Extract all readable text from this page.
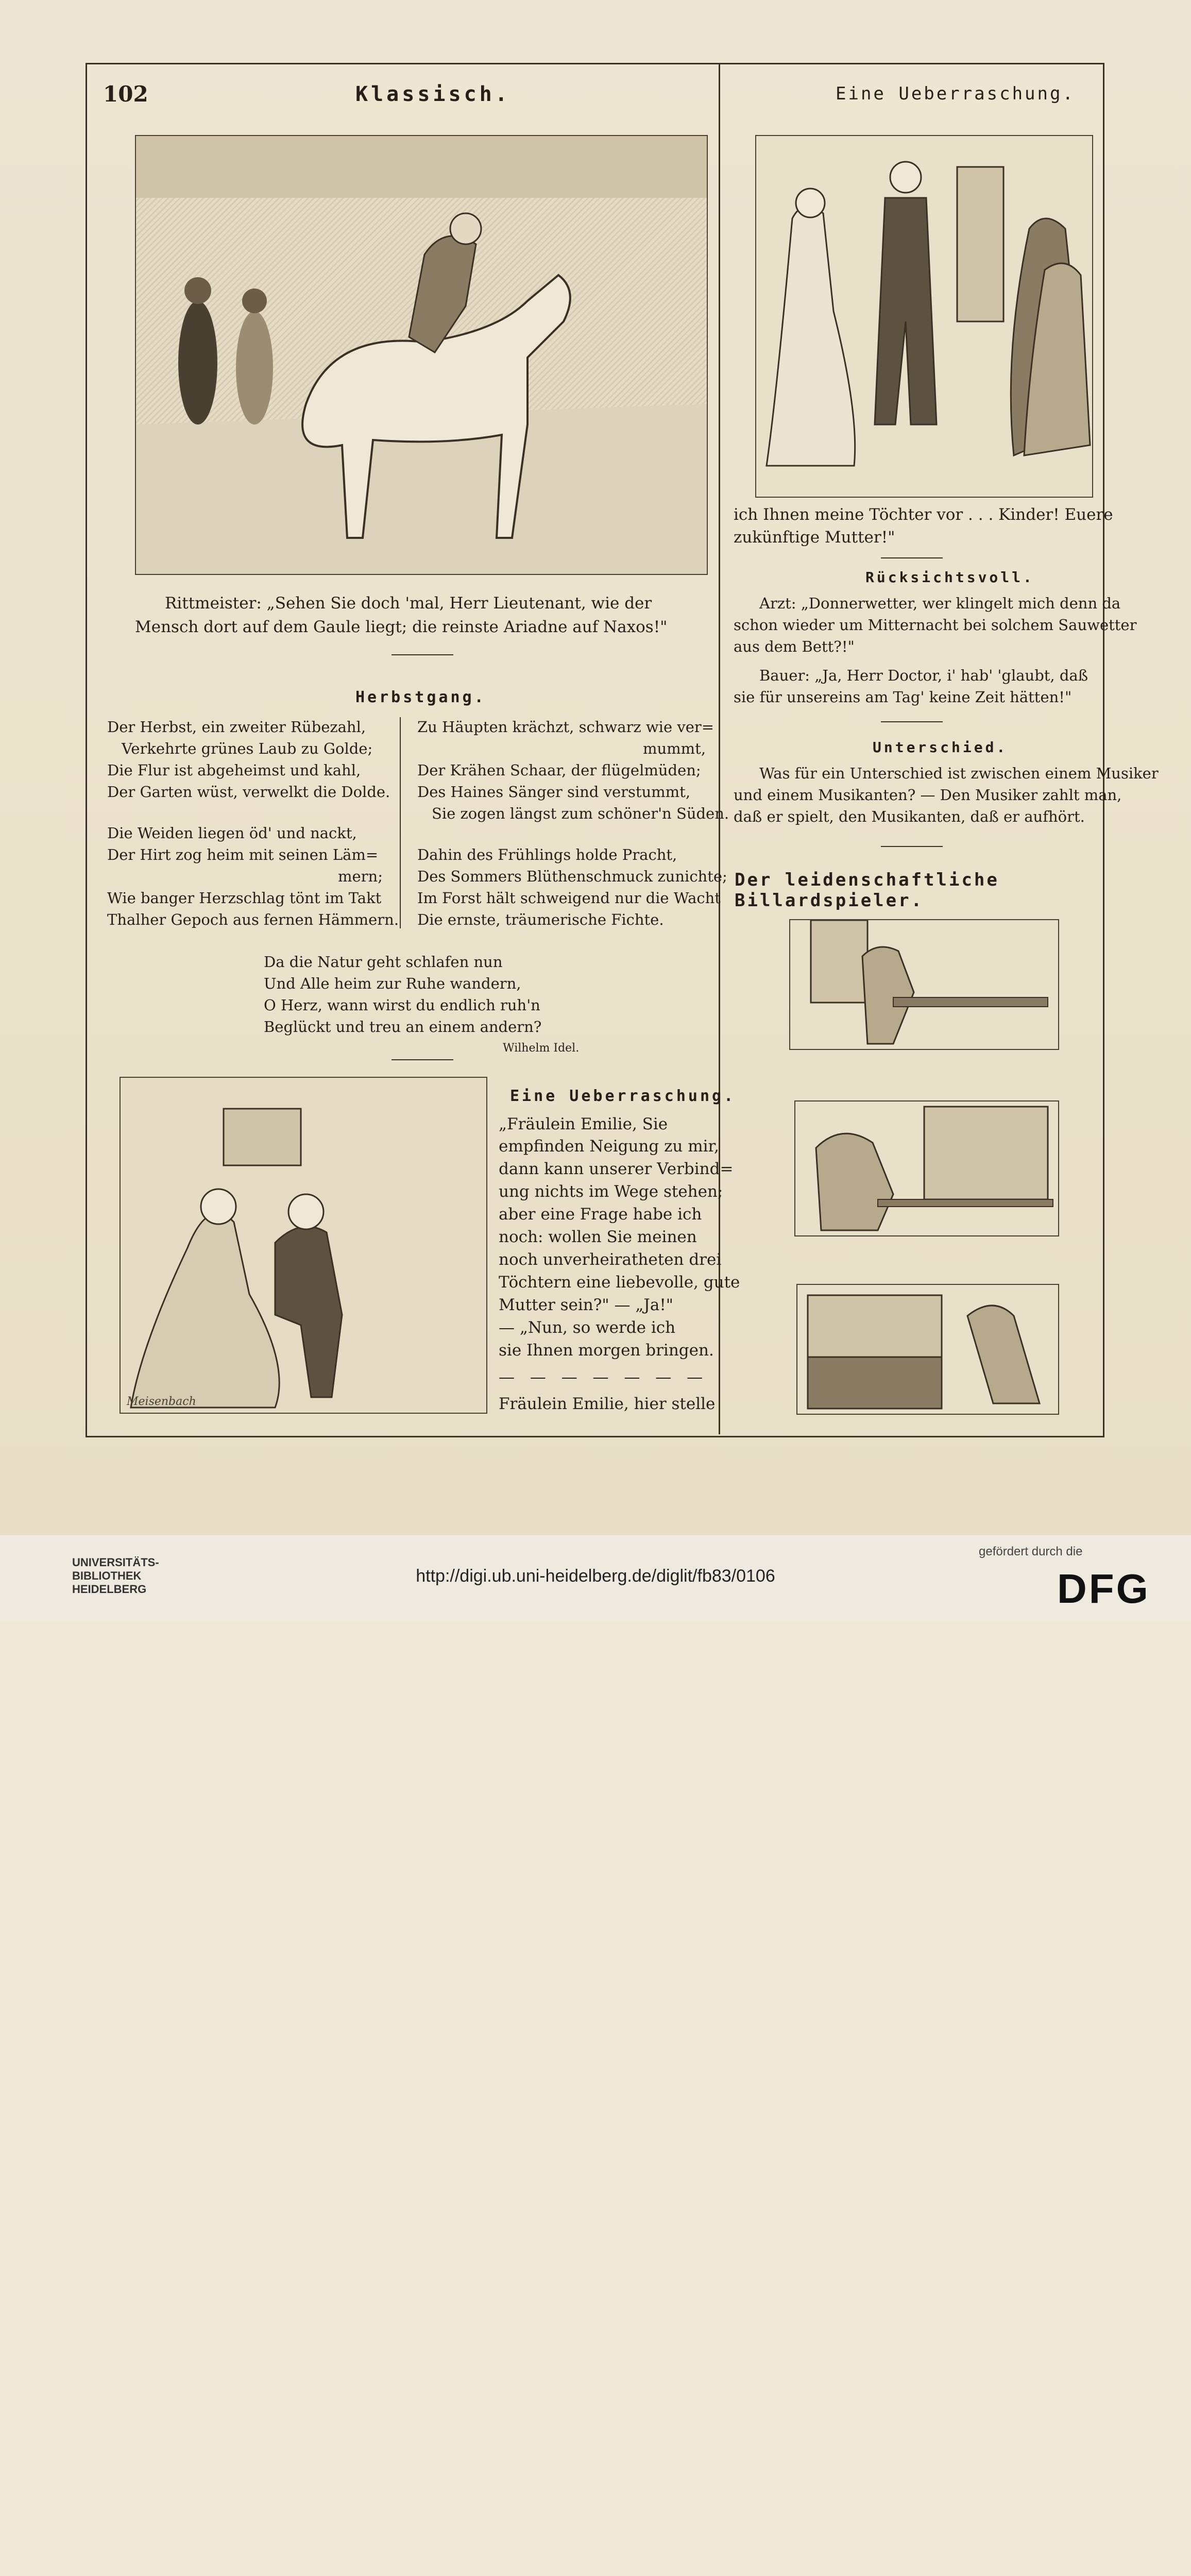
102	Klassisch.
Rittmeister: „Sehen Sie doch 'mal, Herr Lieutenant, wie der
Mensch dort auf dem Gaule liegt; die reinste Ariadne auf Naxos!"
Herbstgang.
Der Herbst, ein zweiter Rübezahl,
Verkehrte grünes Laub zu Golde;
Die Flur ist abgeheimst und kahl,
Der Garten wüst, verwelkt die Dolde.
Die Weiden liegen öd' und nackt,
Der Hirt zog heim mit seinen Läm=
mern;
Wie banger Herzschlag tönt im Takt
Thalher Gepoch aus fernen Hämmern.
Zu Häupten krächzt, schwarz wie ver=
mummt,
Der Krähen Schaar, der flügelmüden;
Des Haines Sänger sind verstummt,
Sie zogen längst zum schöner'n Süden.
Dahin des Frühlings holde Pracht,
Des Sommers Blüthenschmuck zunichte;
Im Forst hält schweigend nur die Wacht
Die ernste, träumerische Fichte.
Da die Natur geht schlafen nun
Und Alle heim zur Ruhe wandern,
O Herz, wann wirst du endlich ruh'n
Beglückt und treu an einem andern?
Wilhelm Idel.
Meisenbach
Eine Ueberraschung.
„Fräulein Emilie, Sie
empfinden Neigung zu mir,
dann kann unserer Verbind=
ung nichts im Wege stehen;
aber eine Frage habe ich
noch: wollen Sie meinen
noch unverheiratheten drei
Töchtern eine liebevolle, gute
Mutter sein?" — „Ja!"
— „Nun, so werde ich
sie Ihnen morgen bringen.
— — — — — — —
Fräulein Emilie, hier stelle
Eine Ueberraschung.
ich Ihnen meine Töchter vor . . . Kinder! Euere
zukünftige Mutter!"
Rücksichtsvoll.
Arzt: „Donnerwetter, wer klingelt mich denn da
schon wieder um Mitternacht bei solchem Sauwetter
aus dem Bett?!"
Bauer: „Ja, Herr Doctor, i' hab' 'glaubt, daß
sie für unsereins am Tag' keine Zeit hätten!"
Unterschied.
Was für ein Unterschied ist zwischen einem Musiker
und einem Musikanten? — Den Musiker zahlt man,
daß er spielt, den Musikanten, daß er aufhört.
Der leidenschaftliche Billardspieler.
UNIVERSITÄTS-
BIBLIOTHEK
HEIDELBERG
http://digi.ub.uni-heidelberg.de/diglit/fb83/0106
gefördert durch die
DFG
